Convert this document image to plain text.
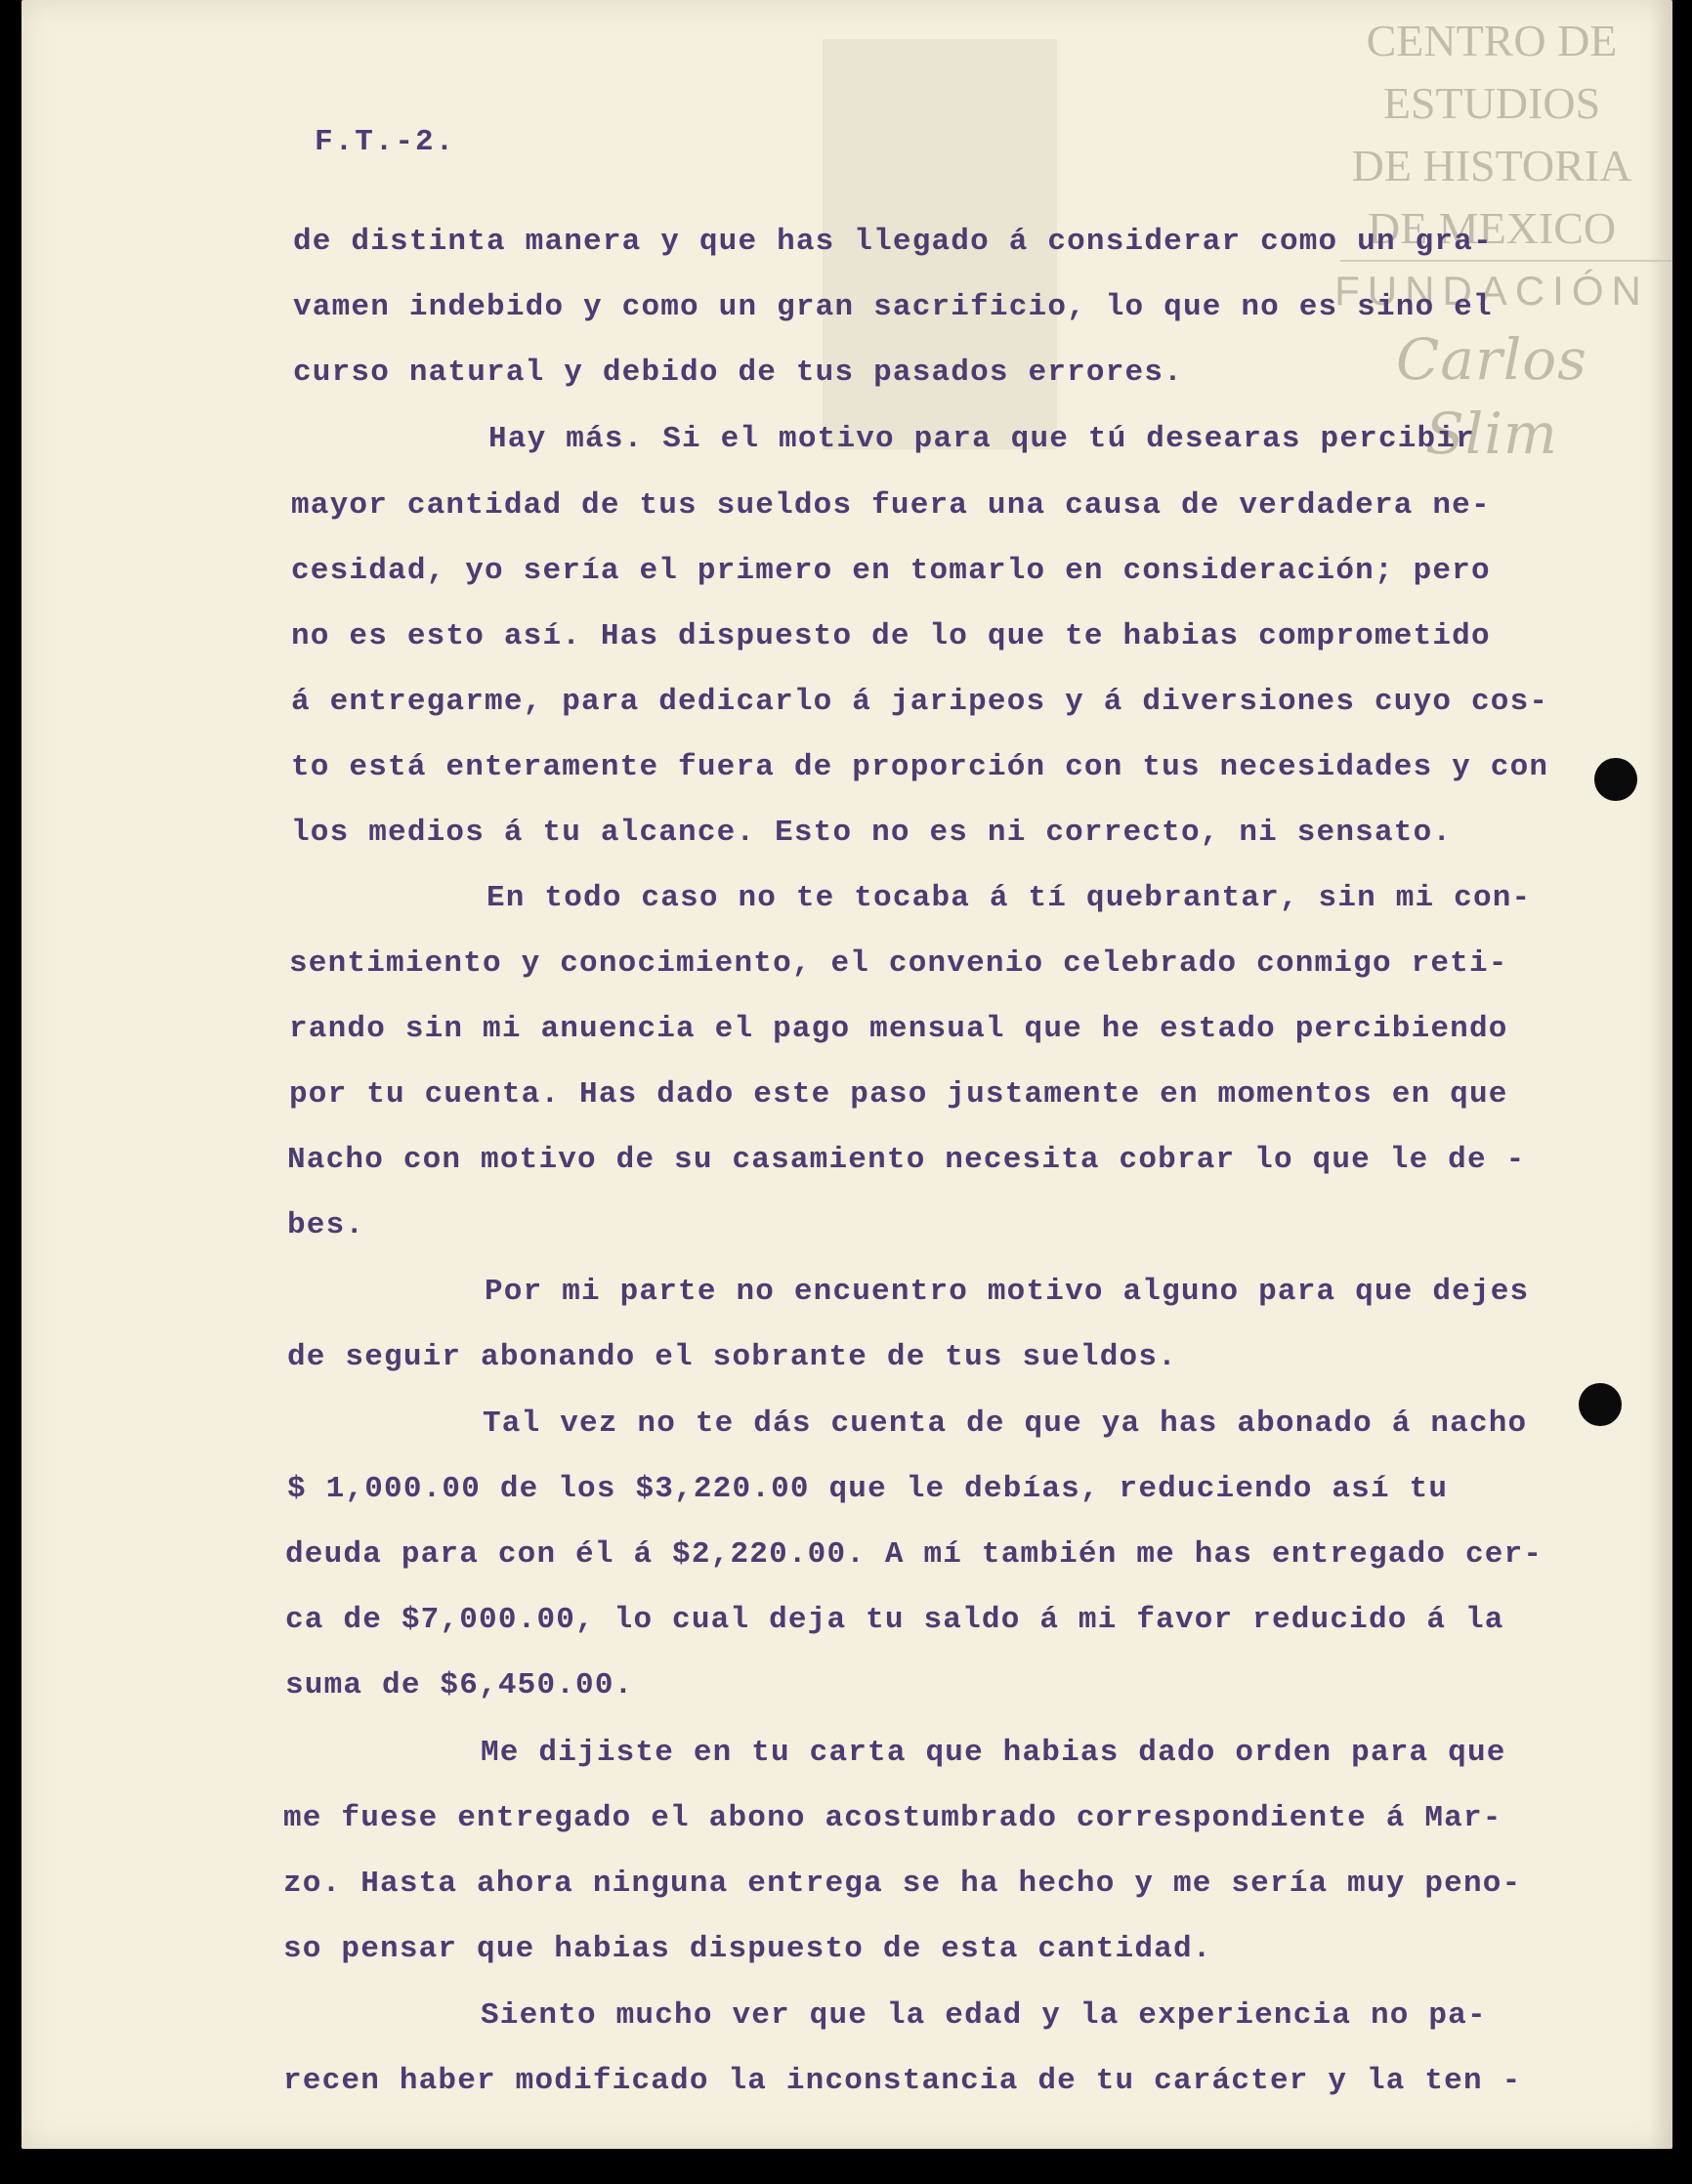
CENTRO DE
ESTUDIOS
DE HISTORIA
DE MEXICO
FUNDACIÓN
Carlos Slim
F.T.-2.
de distinta manera y que has llegado á considerar como un gra-
vamen indebido y como un gran sacrificio, lo que no es sino el
curso natural y debido de tus pasados errores.
Hay más. Si el motivo para que tú desearas percibir
mayor cantidad de tus sueldos fuera una causa de verdadera ne-
cesidad, yo sería el primero en tomarlo en consideración; pero
no es esto así. Has dispuesto de lo que te habias comprometido
á entregarme, para dedicarlo á jaripeos y á diversiones cuyo cos-
to está enteramente fuera de proporción con tus necesidades y con
los medios á tu alcance. Esto no es ni correcto, ni sensato.
En todo caso no te tocaba á tí quebrantar, sin mi con-
sentimiento y conocimiento, el convenio celebrado conmigo reti-
rando sin mi anuencia el pago mensual que he estado percibiendo
por tu cuenta. Has dado este paso justamente en momentos en que
Nacho con motivo de su casamiento necesita cobrar lo que le de -
bes.
Por mi parte no encuentro motivo alguno para que dejes
de seguir abonando el sobrante de tus sueldos.
Tal vez no te dás cuenta de que ya has abonado á nacho
$ 1,000.00 de los $3,220.00 que le debías, reduciendo así tu
deuda para con él á $2,220.00. A mí también me has entregado cer-
ca de $7,000.00, lo cual deja tu saldo á mi favor reducido á la
suma de $6,450.00.
Me dijiste en tu carta que habias dado orden para que
me fuese entregado el abono acostumbrado correspondiente á Mar-
zo. Hasta ahora ninguna entrega se ha hecho y me sería muy peno-
so pensar que habias dispuesto de esta cantidad.
Siento mucho ver que la edad y la experiencia no pa-
recen haber modificado la inconstancia de tu carácter y la ten -
